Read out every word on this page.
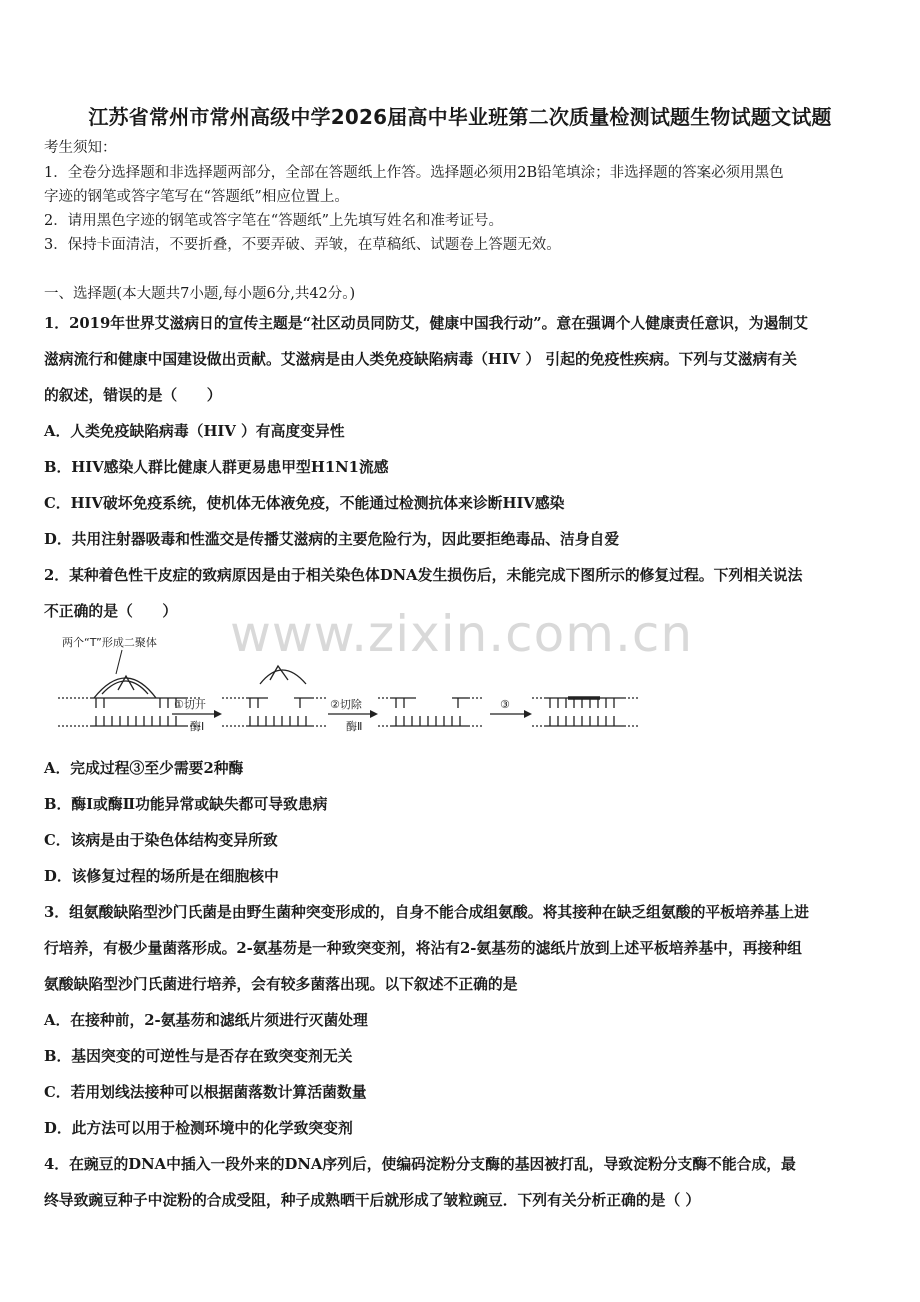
江苏省常州市常州高级中学2026届高中毕业班第二次质量检测试题生物试题文试题
考生须知：
1．全卷分选择题和非选择题两部分，全部在答题纸上作答。选择题必须用2B铅笔填涂；非选择题的答案必须用黑色
字迹的钢笔或答字笔写在“答题纸”相应位置上。
2．请用黑色字迹的钢笔或答字笔在“答题纸”上先填写姓名和准考证号。
3．保持卡面清洁，不要折叠，不要弄破、弄皱，在草稿纸、试题卷上答题无效。
一、选择题(本大题共7小题,每小题6分,共42分。)
1．2019年世界艾滋病日的宣传主题是“社区动员同防艾，健康中国我行动”。意在强调个人健康责任意识，为遏制艾
滋病流行和健康中国建设做出贡献。艾滋病是由人类免疫缺陷病毒（HIV ） 引起的免疫性疾病。下列与艾滋病有关
的叙述，错误的是（　　）
A．人类免疫缺陷病毒（HIV ）有高度变异性
B．HIV感染人群比健康人群更易患甲型H1N1流感
C．HIV破坏免疫系统，使机体无体液免疫，不能通过检测抗体来诊断HIV感染
D．共用注射器吸毒和性滥交是传播艾滋病的主要危险行为，因此要拒绝毒品、洁身自爱
2．某种着色性干皮症的致病原因是由于相关染色体DNA发生损伤后，未能完成下图所示的修复过程。下列相关说法
不正确的是（　　）	www.zixin.com.cn
两个“T”形成二聚体
①切开
酶Ⅰ
②切除
酶Ⅱ
③
A．完成过程③至少需要2种酶
B．酶Ⅰ或酶Ⅱ功能异常或缺失都可导致患病
C．该病是由于染色体结构变异所致
D．该修复过程的场所是在细胞核中
3．组氨酸缺陷型沙门氏菌是由野生菌种突变形成的，自身不能合成组氨酸。将其接种在缺乏组氨酸的平板培养基上进
行培养，有极少量菌落形成。2-氨基芴是一种致突变剂，将沾有2-氨基芴的滤纸片放到上述平板培养基中，再接种组
氨酸缺陷型沙门氏菌进行培养，会有较多菌落出现。以下叙述不正确的是
A．在接种前，2-氨基芴和滤纸片须进行灭菌处理
B．基因突变的可逆性与是否存在致突变剂无关
C．若用划线法接种可以根据菌落数计算活菌数量
D．此方法可以用于检测环境中的化学致突变剂
4．在豌豆的DNA中插入一段外来的DNA序列后，使编码淀粉分支酶的基因被打乱，导致淀粉分支酶不能合成，最
终导致豌豆种子中淀粉的合成受阻，种子成熟晒干后就形成了皱粒豌豆．下列有关分析正确的是（ ）
